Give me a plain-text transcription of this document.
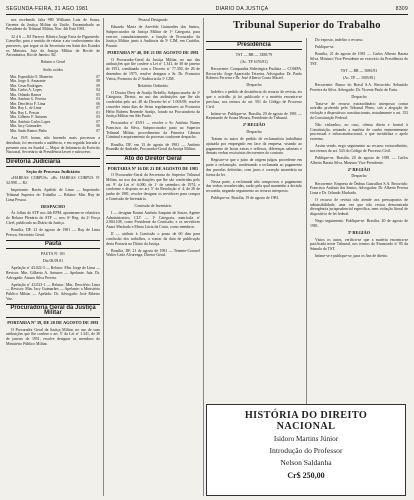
SEGUNDA-FEIRA, 31 AGO 1981	DIARIO DA JUSTIÇA	8309

nos recebendo falta 980 Williams Luiz de Sousa, Gerente da Justiça Militar da União, Encaminhado ao Presidente do Tribunal Militar, Nos: 4th Está 1981.

32 4 6 — RJ Parecer. Ribeiro Jorge Faria de Figueiredo. Conselho, para o sentido de relatar a ato conhecimento dos pareceres, que segue os da Secretaria em Saint dos Estados os Ministro. Juiz da Justiça Militar de Recife de Aeronáutica, Rio de Janeiro. RJ.

Relator o Geral

Serão ocidos

Min. Esperidião O. Monteiro	07
Min. Jorge A. Amarante	08
Min. Cesar Rodrigues	09
Min. Carlos A. Lopes	04
Min. Orlando Ramos	05
Min. Antônio G. Pereira	03
Min. Deoclécio F. Lima	06
Min. Ruy L. de Lima	07
Min. Ruy L. Pessoa	01
Min. Gilberto F. Antunes	03
Min. Antônio Carlos Lopes	07
Min. Jacy Guimarães	06
Min. Saulo Ramos Pinho	07

Aos 19/8 foram, não havendo mais processos a distribuir, foi encerrada a audiência, e em seguida lavrada a presente acta, eu Suzdal — Major de Infantaria do Exército Nacional, Secretário da Presidência lavrei e subscrevo.

Diretoria Judiciária

Seção de Processo Judiciário

«HABEAS CORPUS» «H» HABEAS CORPUS Nº 32.998 — RJ.

Impetrante: Bacéu Apelido de Lima — Impetrado: Tribunal Superior do Trabalho — Relator: Min. Ruy de Lima Pessoa.

DESPACHO

Às folhas do STF nos 4th EPM, apontaram-se relatórios do Relator Plenário do STF — nos: 6ª Reg. da 2ª Força Cível, publicado no Diário da Justiça.

Brasília, DF, 21 de agosto de 1981 — Ruy de Lima Pessoa, Secretário Geral.

Pauta

PAUTA Nº 101

Dia 08.09.81

Apelação nº 43.022-3 — Relator: Min. Jorge de Lima — Revisor: Min. Gilberto A. Antunes — Apelante: Juiz. Dr. Advogado: Amaro Silva Pereira.

Apelação nº 43.023-1 — Relator: Min. Deoclécio Lima — Revisor: Min. Jacy Guimarães — Apelante: o Ministério Público Militar — Apelado: Dr. Advogado: José Ribeiro Vaz.

Procuradoria Geral da Justiça Militar

PORTARIA Nº 39, DE 20 DE AGOSTO DE 1981

O Procurador Geral da Justiça Militar, no uso de suas atribuições que lhe confere o art. 5º da Lei nº 1.341, de 30 de janeiro de 1951, resolve designar os membros do Ministério Público Militar.

Pessoal Designado

Eduardo Mariz de Azevêdo Guimarães dos Santos, Subprocurador da Justiça Militar de 1ª Categoria, para exercer, cumulativamente, a função de Procurador da Justiça Militar junto à Auditoria da 5ª CJM, em Curitiba, Paraná.

PORTARIA Nº 40, DE 21 DE AGOSTO DE 1981

O Procurador-Geral da Justiça Militar, no uso das atribuições que lhe confere a Lei nº 1.341, de 30 de janeiro de 1951, combinado com o Decreto nº 77.350, de 26 de dezembro de 1975, resolve designar o Sr. Dr. Promotor Vieira, Promotor da 2ª Auditoria da 1ª CJM.

Relatório Ordinário

O Doutor Dirty de Araújo Rebello, Subprocurador de 1ª Categoria, Diretor, no uso das atribuições que lhe são conferidas pelo art. 48 do Decreto-lei nº 1.003/69, resolve conceder trinta dias de férias regulamentares ao Promotor Hélio Rubens Rezende Araújo, lotado na Procuradoria da Justiça Militar em São Paulo.

Procurador nº 45/81 — resolve o Sr. Antônio Nunes Francisco da Silva, Subprocurador junto ao Superior Tribunal Militar, procedimento da Primeira Câmara Criminal e arquivamento do processo conforme despacho.

Brasília, DF, em 13 de agosto de 1981 — Antônio Brandão de Andrade, Procurador-Geral da Justiça Militar.

Ato do Diretor Geral

PORTARIA Nº 16 DE 21 DE AGOSTO DE 1981

O Procurador-Geral da Secretaria do Superior Tribunal Militar, no uso das atribuições que lhe são conferidas pelo art. 9º da Lei nº 6.000, de 1º de setembro de 1974, e conforme o disposto no art. 5º da Resolução nº 4, de 26 de junho de 1981, resolve designar os servidores para compor a Comissão de Inventário.

Comissão de Inventário

I — designar Ernani Antônio Joaquim de Souza, Agente Administrativo, CLT — 1ª Categoria, matrícula nº 2.004.108, como Presidente da Comissão; e os servidores Anaci Machado e Maria Lúcia da Costa, como membros.

II — atribuir à Comissão o prazo de 60 dias para conclusão dos trabalhos, a contar da data de publicação desta Portaria no Diário da Justiça.

Brasília, DF, 21 de agosto de 1981 — Tenente-Coronel Walter Leite Alvarenga, Diretor Geral.

Tribunal Superior do Trabalho
Presidência

TST — RR — 3380/79

(Ac. TP 1676/81)

Recorrente: Companhia Siderúrgica Paulista — COSIPA. Recorrido: Jorge Aparecido Teixeira. Advogados: Dr. Paulo Roberto Ferreira e Dr. José Alberto Couto Maciel.

Despacho

Indefiro o pedido de desistência do recurso de revista, eis que o acórdão já foi publicado e a matéria encontra-se preclusa, nos termos do art. 501 do Código de Processo Civil.

Intime-se. Publique-se. Brasília, 20 de agosto de 1981 — Raymundo de Souza Moura, Presidente do Tribunal.

2ª REGIÃO

Despacho

Tratam os autos de pedido de reclamatória trabalhista ajuizada por empregado em face da empresa, visando ao pagamento de horas extras e reflexos, diferenças salariais e demais verbas rescisórias decorrentes do contrato.

Registre-se que o juízo de origem julgou procedente em parte a reclamação, condenando a reclamada ao pagamento das parcelas deferidas, com juros e correção monetária na forma da lei.

Nessa parte, a reclamada não comprovou o pagamento das verbas reconhecidas, razão pela qual mantenho a decisão recorrida, negando seguimento ao recurso interposto.

Publique-se. Brasília, 19 de agosto de 1981.

Do exposto, indefiro o recurso.

Publique-se.

Brasília, 21 de agosto de 1981 — Carlos Alberto Barata Silva, Ministro Vice-Presidente no exercício da Presidência do TST.

TST — RR — 5085/81

(Ac. TP — 1005/81)

Recorrente: Banco do Brasil S.A. Recorrido: Sebastião Ferreira da Silva. Advogado: Dr. Vicente Paulo de Faria.

Despacho

Trata-se de recurso extraordinário interposto contra acórdão proferido pelo Tribunal Pleno, sob a alegação de violação a dispositivos constitucionais, notadamente o art. 153 da Constituição Federal.

Não vislumbro, no caso, ofensa direta e frontal à Constituição, restando a matéria de cunho eminentemente processual e infraconstitucional, o que inviabiliza o apelo extremo.

Assim sendo, nego seguimento ao recurso extraordinário, nos termos do art. 543 do Código de Processo Civil.

Publique-se. Brasília, 20 de agosto de 1981 — Carlos Alberto Barata Silva, Ministro Vice-Presidente.

2ª REGIÃO

Despacho

Recorrente: Empresa de Ônibus Guarulhos S.A. Recorrido: Francisco Antônio dos Santos. Advogados: Dr. Alberto Pereira Lima e Dr. Orlando Machado.

O recurso de revista não atende aos pressupostos de admissibilidade, uma vez que não restou demonstrada divergência jurisprudencial específica, nem violação literal de dispositivo de lei federal.

Nego seguimento. Publique-se. Brasília, 20 de agosto de 1981.

3ª REGIÃO

Vistos os autos, verifica-se que a matéria encontra-se pacificada neste Tribunal, nos termos do Enunciado nº 85 da Súmula do TST.

Intime-se e publique-se, para os fins de direito.

HISTÓRIA DO DIREITO NACIONAL
Isidoro Martins Júnior
Introdução do Professor
Nelson Saldanha
Cr$ 250,00
